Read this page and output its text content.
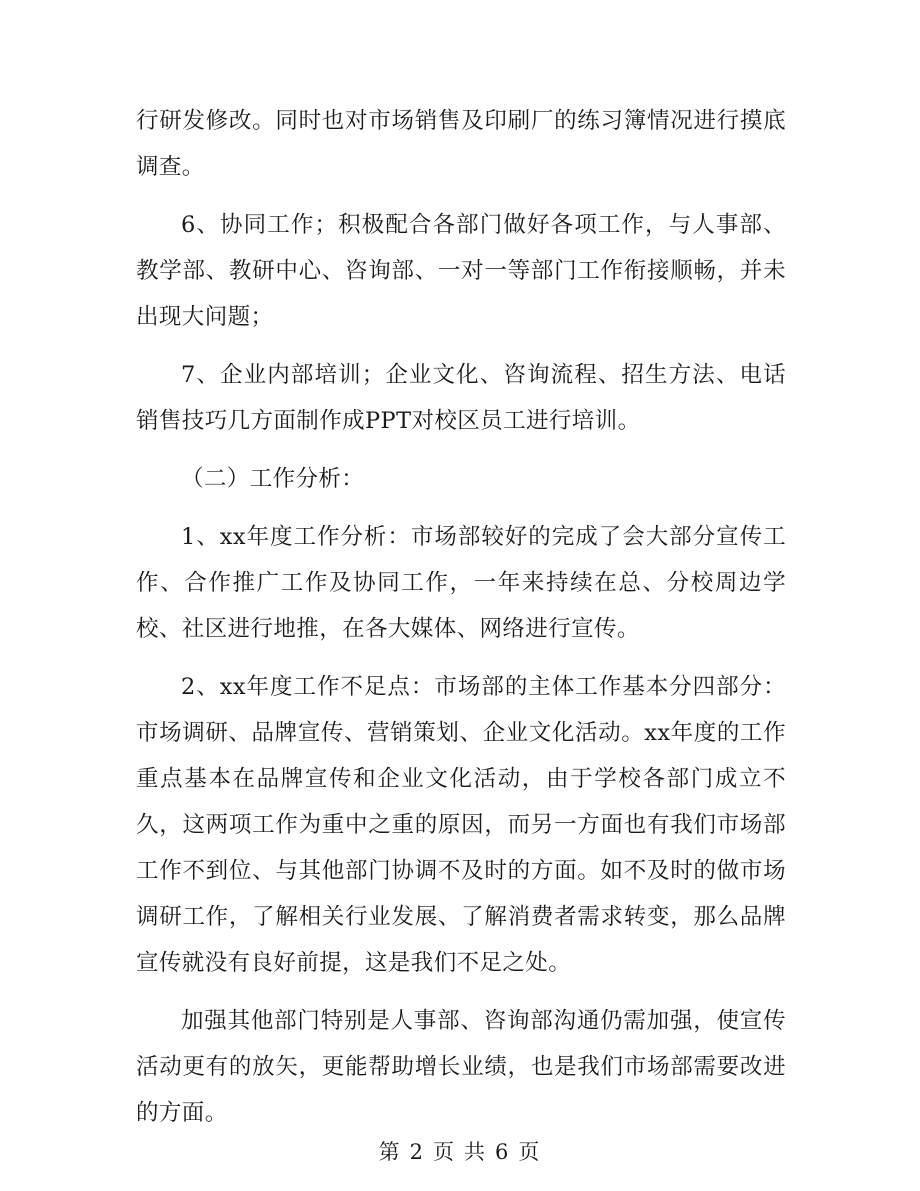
行研发修改。同时也对市场销售及印刷厂的练习簿情况进行摸底调查。

6、协同工作；积极配合各部门做好各项工作，与人事部、教学部、教研中心、咨询部、一对一等部门工作衔接顺畅，并未出现大问题；

7、企业内部培训；企业文化、咨询流程、招生方法、电话销售技巧几方面制作成PPT对校区员工进行培训。

（二）工作分析：

1、xx年度工作分析：市场部较好的完成了会大部分宣传工作、合作推广工作及协同工作，一年来持续在总、分校周边学校、社区进行地推，在各大媒体、网络进行宣传。

2、xx年度工作不足点：市场部的主体工作基本分四部分：市场调研、品牌宣传、营销策划、企业文化活动。xx年度的工作重点基本在品牌宣传和企业文化活动，由于学校各部门成立不久，这两项工作为重中之重的原因，而另一方面也有我们市场部工作不到位、与其他部门协调不及时的方面。如不及时的做市场调研工作，了解相关行业发展、了解消费者需求转变，那么品牌宣传就没有良好前提，这是我们不足之处。

加强其他部门特别是人事部、咨询部沟通仍需加强，使宣传活动更有的放矢，更能帮助增长业绩，也是我们市场部需要改进的方面。

第 2 页 共 6 页
